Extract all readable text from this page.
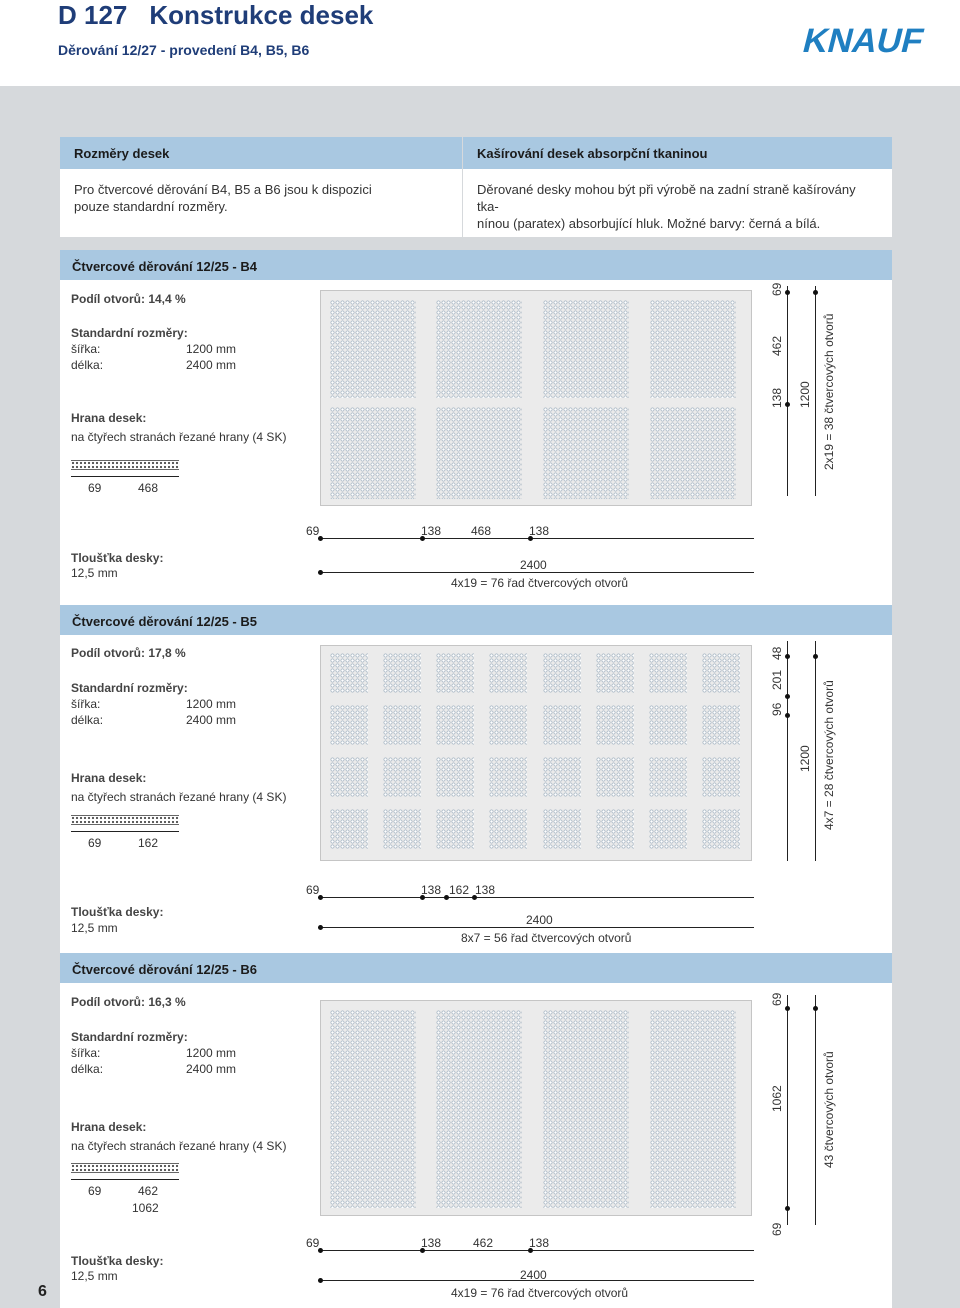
D 127 Konstrukce desek
Děrování 12/27 - provedení B4, B5, B6	KNAUF
Rozměry desek
Pro čtvercové děrování B4, B5 a B6 jsou k dispozici
pouze standardní rozměry.
Kašírování desek absorpční tkaninou
Děrované desky mohou být při výrobě na zadní straně kašírovány tka-
nínou (paratex) absorbující hluk. Možné barvy: černá a bílá.
Čtvercové děrování 12/25 - B4
Podíl otvorů: 14,4 %
Standardní rozměry:
šířka:	1200 mm
délka:	2400 mm
Hrana desek:
na čtyřech stranách řezané hrany (4 SK)
69	468
69
462
138 1200 2x19 = 38 čtvercových otvorů
Tloušťka desky:
12,5 mm
69	138 468	138
2400
4x19 = 76 řad čtvercových otvorů
Čtvercové děrování 12/25 - B5
Podíl otvorů: 17,8 %
Standardní rozměry:
šířka:	1200 mm
délka:	2400 mm
Hrana desek:
na čtyřech stranách řezané hrany (4 SK)
69	162
48
201
96
1200 4x7 = 28 čtvercových otvorů
Tloušťka desky:
12,5 mm
69	138 162 138
2400
8x7 = 56 řad čtvercových otvorů
Čtvercové děrování 12/25 - B6
Podíl otvorů: 16,3 %
Standardní rozměry:
šířka:	1200 mm
délka:	2400 mm
Hrana desek:
na čtyřech stranách řezané hrany (4 SK)
69	462
1062
69
1062
69
43 čtvercových otvorů
Tloušťka desky:
12,5 mm
69	138	462	138
2400
4x19 = 76 řad čtvercových otvorů
6
